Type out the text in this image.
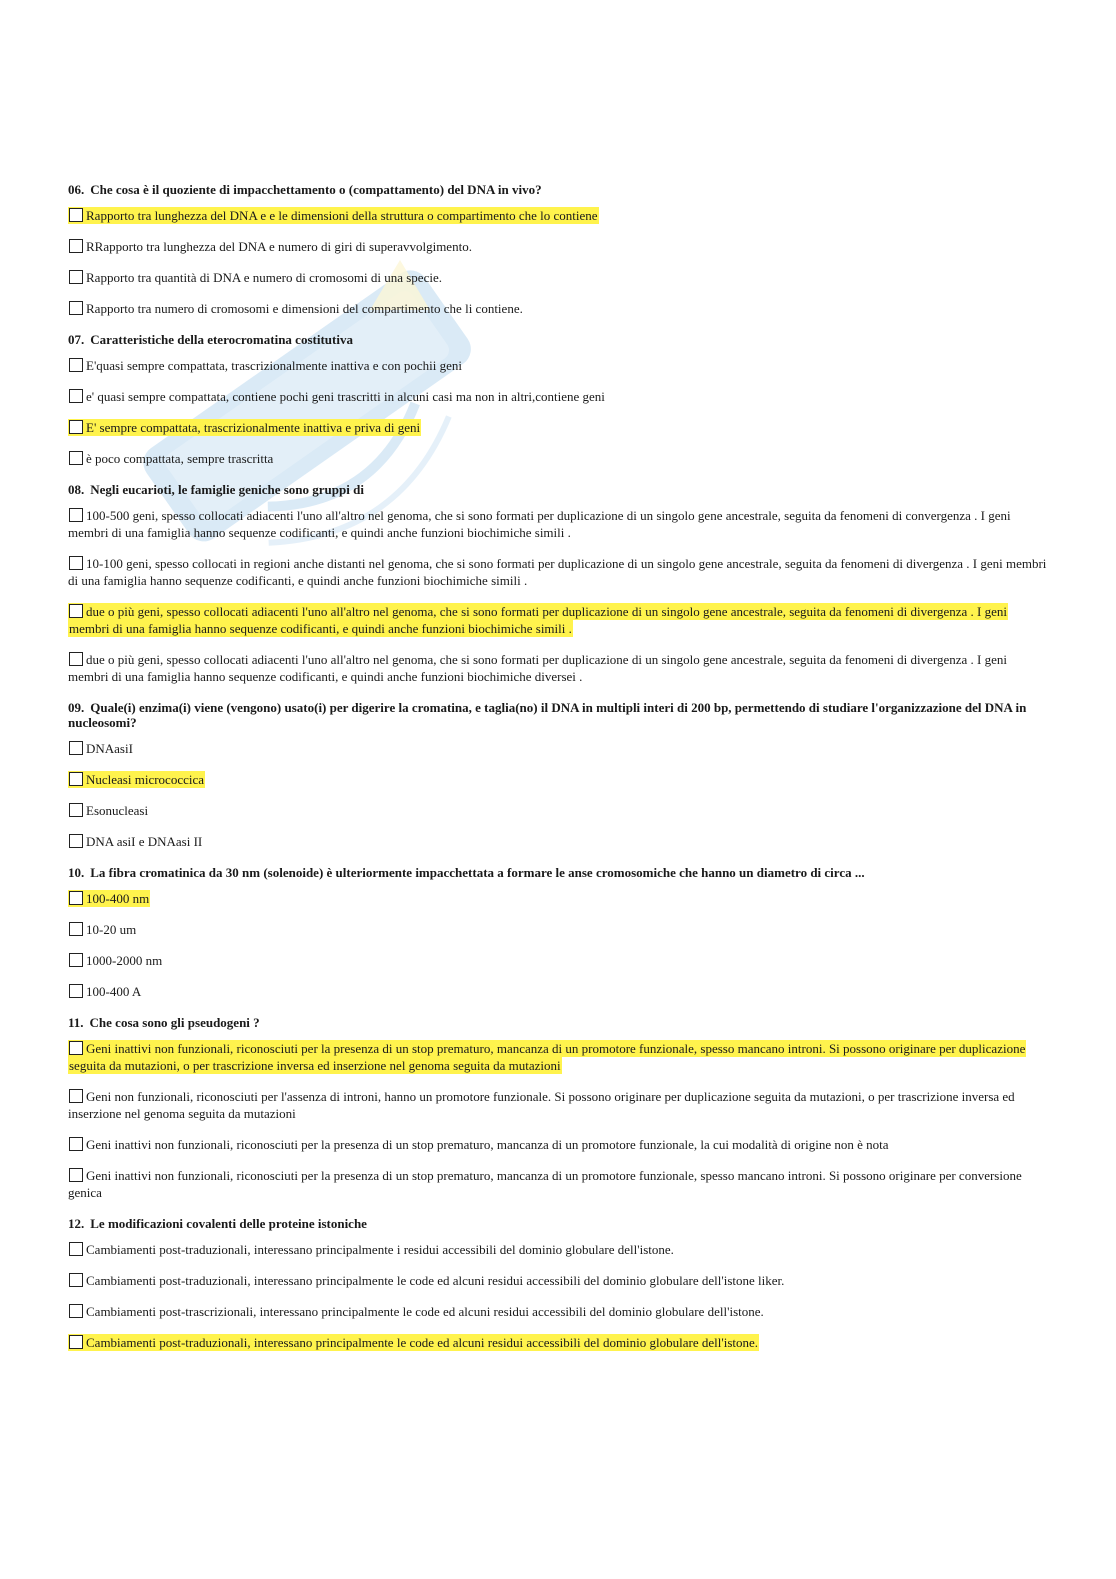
06. Che cosa è il quoziente di impacchettamento o (compattamento) del DNA in vivo?
Rapporto tra lunghezza del DNA e e le dimensioni della struttura o compartimento che lo contiene
RRapporto tra lunghezza del DNA e numero di giri di superavvolgimento.
Rapporto tra quantità di DNA e numero di cromosomi di una specie.
Rapporto tra numero di cromosomi e dimensioni del compartimento che li contiene.
07. Caratteristiche della eterocromatina costitutiva
E'quasi sempre compattata, trascrizionalmente inattiva e con pochii geni
e' quasi sempre compattata, contiene pochi geni trascritti in alcuni casi ma non in altri,contiene geni
E' sempre compattata, trascrizionalmente inattiva e priva di geni
è poco compattata, sempre trascritta
08. Negli eucarioti, le famiglie geniche sono gruppi di
100-500 geni, spesso collocati adiacenti l'uno all'altro nel genoma, che si sono formati per duplicazione di un singolo gene ancestrale, seguita da fenomeni di convergenza . I geni membri di una famiglia hanno sequenze codificanti, e quindi anche funzioni biochimiche simili .
10-100 geni, spesso collocati in regioni anche distanti nel genoma, che si sono formati per duplicazione di un singolo gene ancestrale, seguita da fenomeni di divergenza . I geni membri di una famiglia hanno sequenze codificanti, e quindi anche funzioni biochimiche simili .
due o più geni, spesso collocati adiacenti l'uno all'altro nel genoma, che si sono formati per duplicazione di un singolo gene ancestrale, seguita da fenomeni di divergenza . I geni membri di una famiglia hanno sequenze codificanti, e quindi anche funzioni biochimiche simili .
due o più geni, spesso collocati adiacenti l'uno all'altro nel genoma, che si sono formati per duplicazione di un singolo gene ancestrale, seguita da fenomeni di divergenza . I geni membri di una famiglia hanno sequenze codificanti, e quindi anche funzioni biochimiche diversei .
09. Quale(i) enzima(i) viene (vengono) usato(i) per digerire la cromatina, e taglia(no) il DNA in multipli interi di 200 bp, permettendo di studiare l'organizzazione del DNA in nucleosomi?
DNAasiI
Nucleasi micrococcica
Esonucleasi
DNA asiI e DNAasi II
10. La fibra cromatinica da 30 nm (solenoide) è ulteriormente impacchettata a formare le anse cromosomiche che hanno un diametro di circa ...
100-400 nm
10-20 um
1000-2000 nm
100-400 A
11. Che cosa sono gli pseudogeni ?
Geni inattivi non funzionali, riconosciuti per la presenza di un stop prematuro, mancanza di un promotore funzionale, spesso mancano introni. Si possono originare per duplicazione seguita da mutazioni, o per trascrizione inversa ed inserzione nel genoma seguita da mutazioni
Geni non funzionali, riconosciuti per l'assenza di introni, hanno un promotore funzionale. Si possono originare per duplicazione seguita da mutazioni, o per trascrizione inversa ed inserzione nel genoma seguita da mutazioni
Geni inattivi non funzionali, riconosciuti per la presenza di un stop prematuro, mancanza di un promotore funzionale, la cui modalità di origine non è nota
Geni inattivi non funzionali, riconosciuti per la presenza di un stop prematuro, mancanza di un promotore funzionale, spesso mancano introni. Si possono originare per conversione genica
12. Le modificazioni covalenti delle proteine istoniche
Cambiamenti post-traduzionali, interessano principalmente i residui accessibili del dominio globulare dell'istone.
Cambiamenti post-traduzionali, interessano principalmente le code ed alcuni residui accessibili del dominio globulare dell'istone liker.
Cambiamenti post-trascrizionali, interessano principalmente le code ed alcuni residui accessibili del dominio globulare dell'istone.
Cambiamenti post-traduzionali, interessano principalmente le code ed alcuni residui accessibili del dominio globulare dell'istone.
